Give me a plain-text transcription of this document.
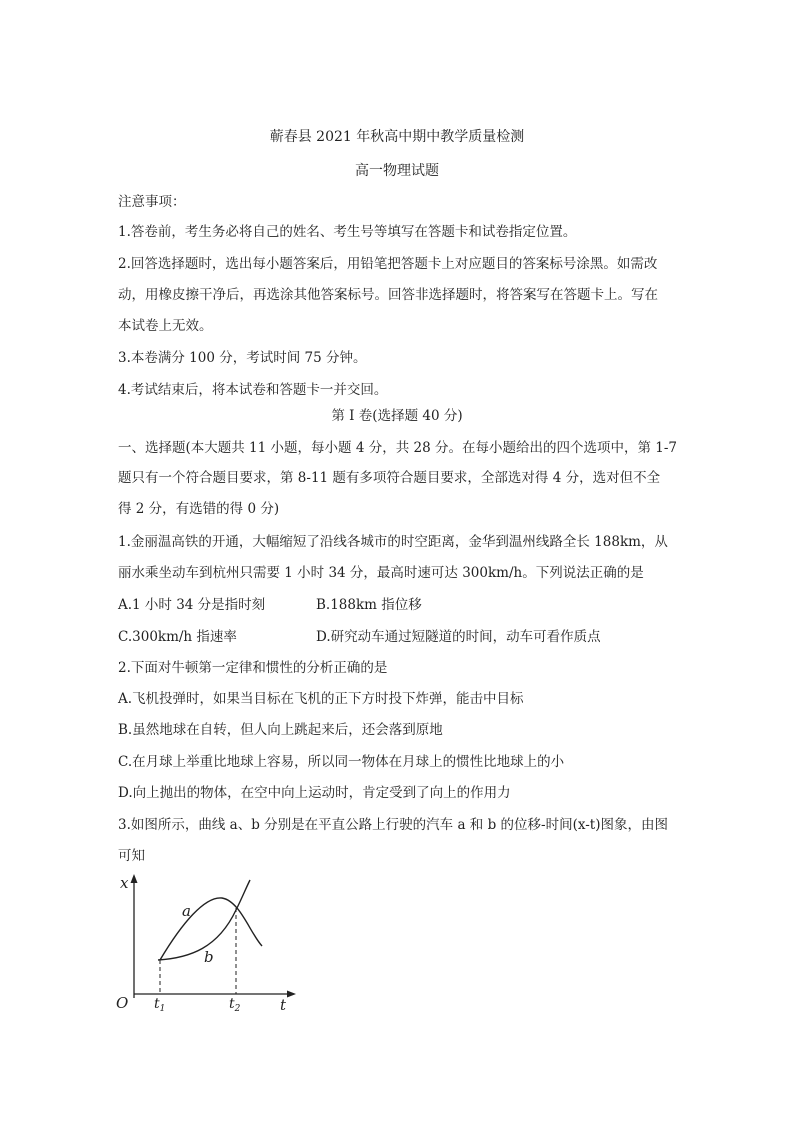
蕲春县 2021 年秋高中期中教学质量检测
高一物理试题
注意事项：
1.答卷前，考生务必将自己的姓名、考生号等填写在答题卡和试卷指定位置。
2.回答选择题时，选出每小题答案后，用铅笔把答题卡上对应题目的答案标号涂黑。如需改
动，用橡皮擦干净后，再选涂其他答案标号。回答非选择题时，将答案写在答题卡上。写在
本试卷上无效。
3.本卷满分 100 分，考试时间 75 分钟。
4.考试结束后，将本试卷和答题卡一并交回。
第 I 卷(选择题 40 分)
一、选择题(本大题共 11 小题，每小题 4 分，共 28 分。在每小题给出的四个选项中，第 1-7
题只有一个符合题目要求，第 8-11 题有多项符合题目要求，全部选对得 4 分，选对但不全
得 2 分，有选错的得 0 分)
1.金丽温高铁的开通，大幅缩短了沿线各城市的时空距离，金华到温州线路全长 188km，从
丽水乘坐动车到杭州只需要 1 小时 34 分，最高时速可达 300km/h。下列说法正确的是
A.1 小时 34 分是指时刻	B.188km 指位移
C.300km/h 指速率	D.研究动车通过短隧道的时间，动车可看作质点
2.下面对牛顿第一定律和惯性的分析正确的是
A.飞机投弹时，如果当目标在飞机的正下方时投下炸弹，能击中目标
B.虽然地球在自转，但人向上跳起来后，还会落到原地
C.在月球上举重比地球上容易，所以同一物体在月球上的惯性比地球上的小
D.向上抛出的物体，在空中向上运动时，肯定受到了向上的作用力
3.如图所示，曲线 a、b 分别是在平直公路上行驶的汽车 a 和 b 的位移-时间(x-t)图象，由图
可知
x
t
O
a
b
$t_1$	$t_2$
